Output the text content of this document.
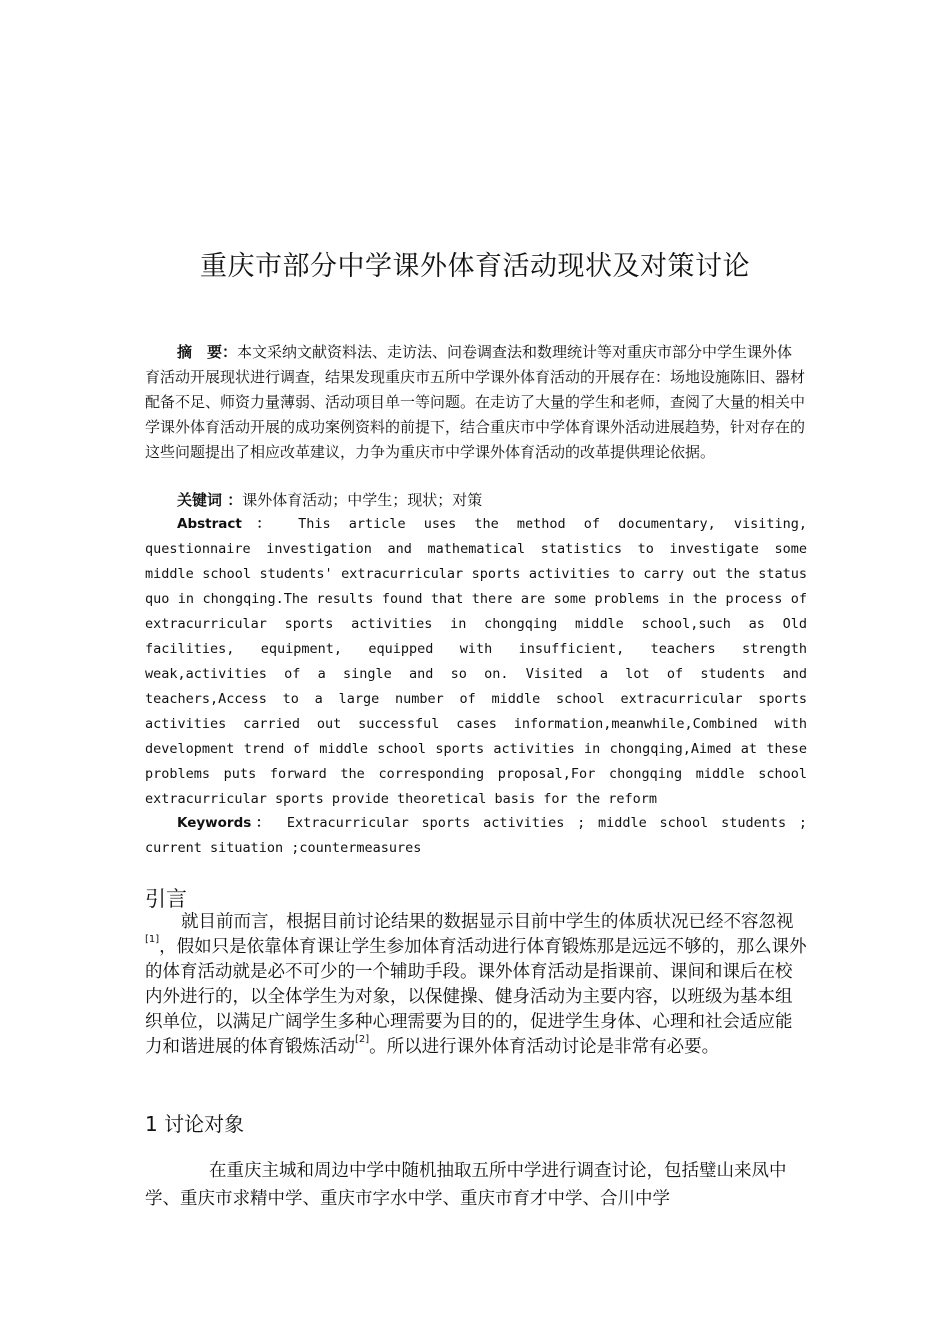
重庆市部分中学课外体育活动现状及对策讨论

摘　要：本文采纳文献资料法、走访法、问卷调查法和数理统计等对重庆市部分中学生课外体育活动开展现状进行调查，结果发现重庆市五所中学课外体育活动的开展存在：场地设施陈旧、器材配备不足、师资力量薄弱、活动项目单一等问题。在走访了大量的学生和老师，查阅了大量的相关中学课外体育活动开展的成功案例资料的前提下，结合重庆市中学体育课外活动进展趋势，针对存在的这些问题提出了相应改革建议，力争为重庆市中学课外体育活动的改革提供理论依据。

关键词 ：课外体育活动；中学生；现状；对策

Abstract ： This article uses the method of documentary, visiting, questionnaire investigation and mathematical statistics to investigate some middle school students' extracurricular sports activities to carry out the status quo in chongqing.The results found that there are some problems in the process of extracurricular sports activities in chongqing middle school,such as Old facilities, equipment, equipped with insufficient, teachers strength weak,activities of a single and so on. Visited a lot of students and teachers,Access to a large number of middle school extracurricular sports activities carried out successful cases information,meanwhile,Combined with development trend of middle school sports activities in chongqing,Aimed at these problems puts forward the corresponding proposal,For chongqing middle school extracurricular sports provide theoretical basis for the reform

Keywords： Extracurricular sports activities ; middle school students ; current situation ;countermeasures

引言

就目前而言，根据目前讨论结果的数据显示目前中学生的体质状况已经不容忽视[1]，假如只是依靠体育课让学生参加体育活动进行体育锻炼那是远远不够的，那么课外的体育活动就是必不可少的一个辅助手段。课外体育活动是指课前、课间和课后在校内外进行的，以全体学生为对象，以保健操、健身活动为主要内容，以班级为基本组织单位，以满足广阔学生多种心理需要为目的的，促进学生身体、心理和社会适应能力和谐进展的体育锻炼活动[2]。所以进行课外体育活动讨论是非常有必要。

1 讨论对象

在重庆主城和周边中学中随机抽取五所中学进行调查讨论，包括璧山来凤中学、重庆市求精中学、重庆市字水中学、重庆市育才中学、合川中学
